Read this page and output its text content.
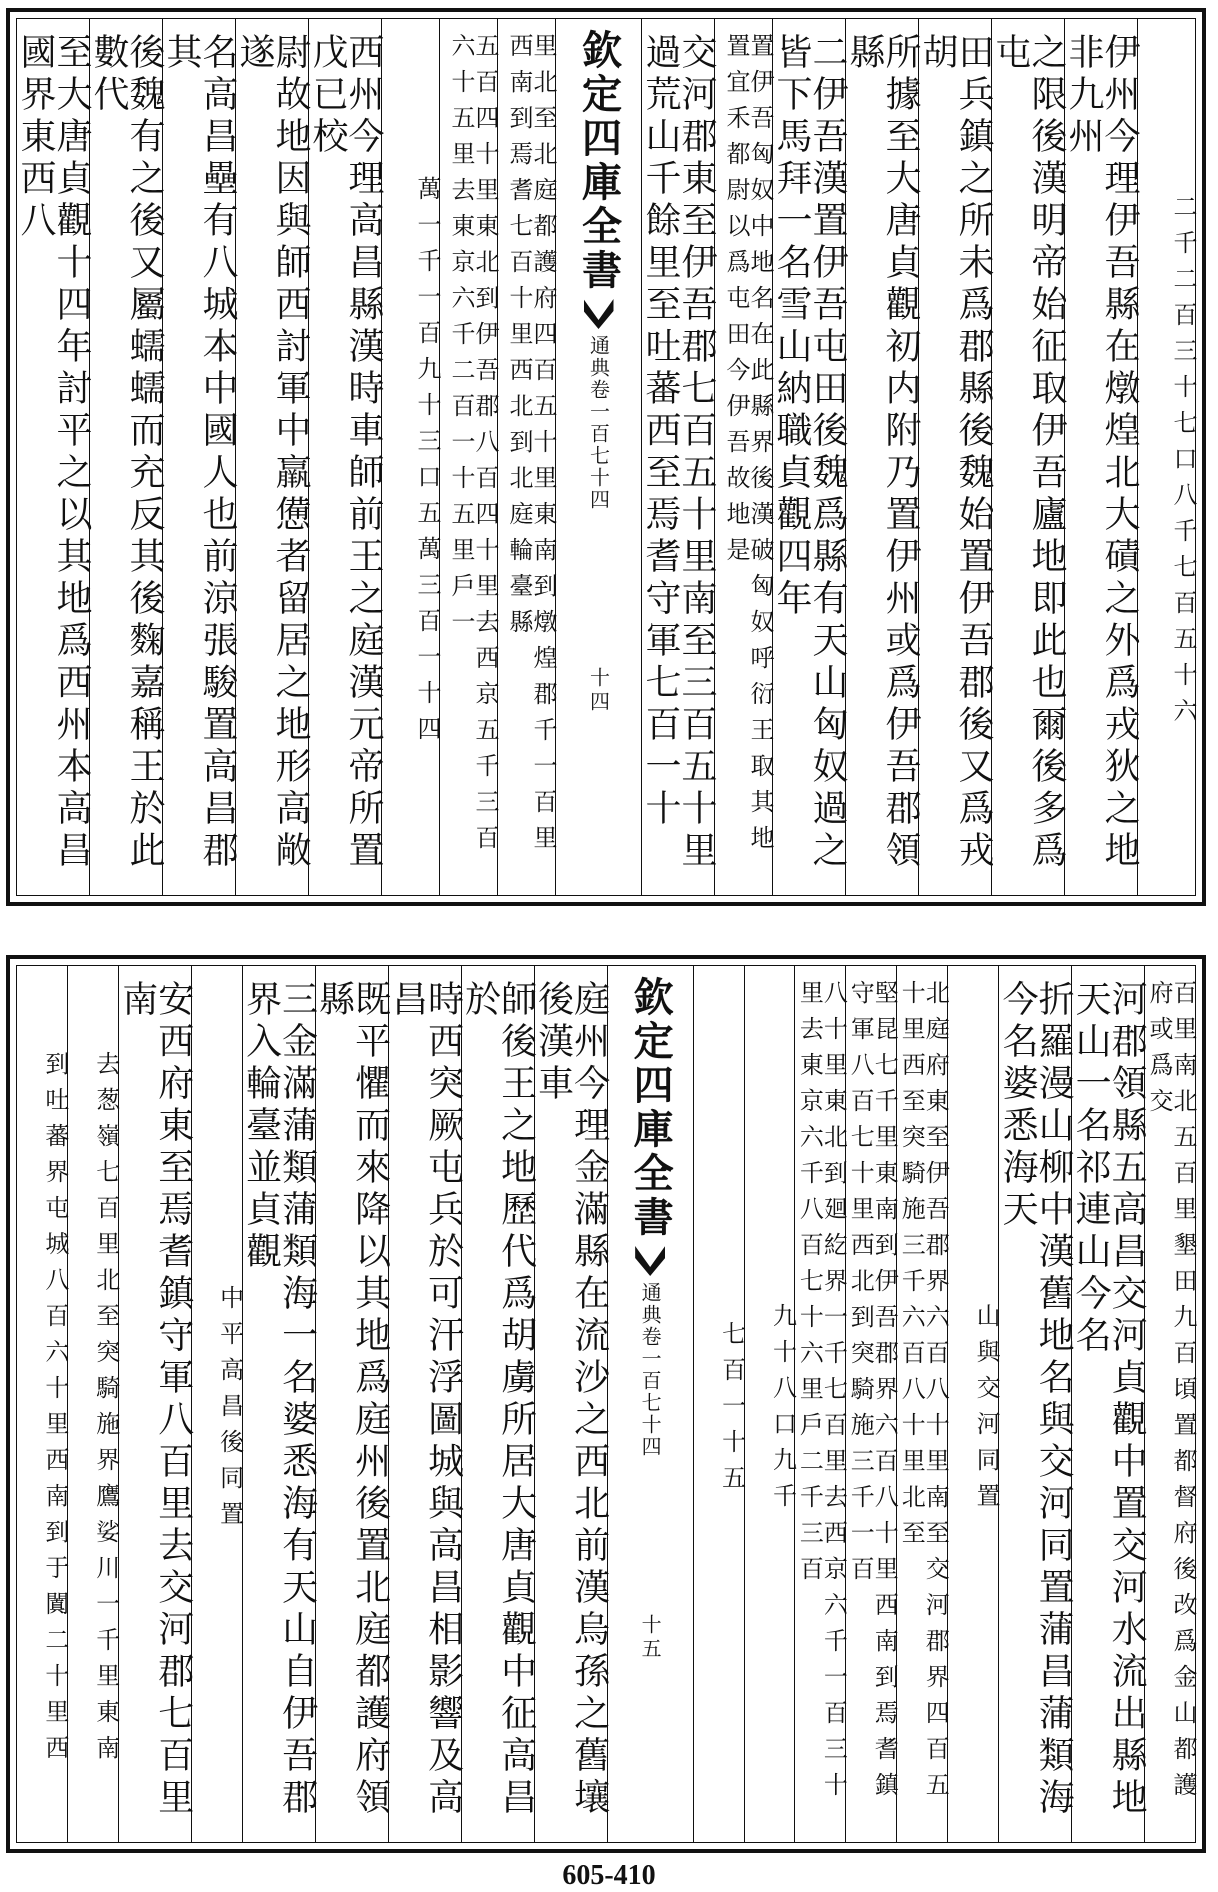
二千二百三十七口八千七百五十六
伊州今理伊吾縣在燉煌北大磧之外爲戎狄之地非九州
之限後漢明帝始征取伊吾廬地即此也爾後多爲屯
田兵鎮之所未爲郡縣後魏始置伊吾郡後又爲戎胡
所據至大唐貞觀初内附乃置伊州或爲伊吾郡領縣
二伊吾漢置伊吾屯田後魏爲縣有天山匈奴過之皆下馬拜一名雪山納職貞觀四年
置伊吾匈奴中地名在此縣界後漢破匈奴呼衍王取其地置宜禾都尉以爲屯田今伊吾故地是
交河郡東至伊吾郡七百五十里南至三百五十里過荒山千餘里至吐蕃西至焉耆守軍七百一十
欽定四庫全書
通典
卷一百七十四
十四
里北至北庭都護府四百五十里東南到燉煌郡千一百里西南到焉耆七百十里西北到北庭輪臺縣
五百四十里東北到伊吾郡八百四十里去西京五千三百六十五里去東京六千二百一十五里戶一
萬一千一百九十三口五萬三百一十四
西州今理高昌縣漢時車師前王之庭漢元帝所置戊已校
尉故地因與師西討軍中羸憊者留居之地形高敞遂
名高昌壘有八城本中國人也前涼張駿置高昌郡其
後魏有之後又屬蠕蠕而充反其後麴嘉稱王於此數代
至大唐貞觀十四年討平之以其地爲西州本高昌國界東西八
百里南北五百里墾田九百頃置都督府後改爲金山都護府或爲交
河郡領縣五高昌交河貞觀中置交河水流出縣地天山一名祁連山今名
折羅漫山柳中漢舊地名與交河同置蒲昌蒲類海今名婆悉海天
山與交河同置
北庭府東至伊吾郡界六百八十里南至交河郡界四百五十里西至突騎施三千六百八十里北至
堅昆七千里東南到伊吾郡界六百八十里西南到焉耆鎮守軍八百七十里西北到突騎施三千一百
八十里東北到廻紇界一千七百里去西京六千一百三十里去東京六千八百七十六里戶二千三百
九十八口九千
七百一十五
欽定四庫全書
通典
卷一百七十四
十五
庭州今理金滿縣在流沙之西北前漢烏孫之舊壤後漢車
師後王之地歷代爲胡虜所居大唐貞觀中征高昌於
時西突厥屯兵於可汗浮圖城與高昌相影響及高昌
既平懼而來降以其地爲庭州後置北庭都護府領縣
三金滿蒲類蒲類海一名婆悉海有天山自伊吾郡界入輪臺並貞觀
中平高昌後同置
安西府東至焉耆鎮守軍八百里去交河郡七百里南
去葱嶺七百里北至突騎施界鷹娑川一千里東南
到吐蕃界屯城八百六十里西南到于闐二十里西
605-410
